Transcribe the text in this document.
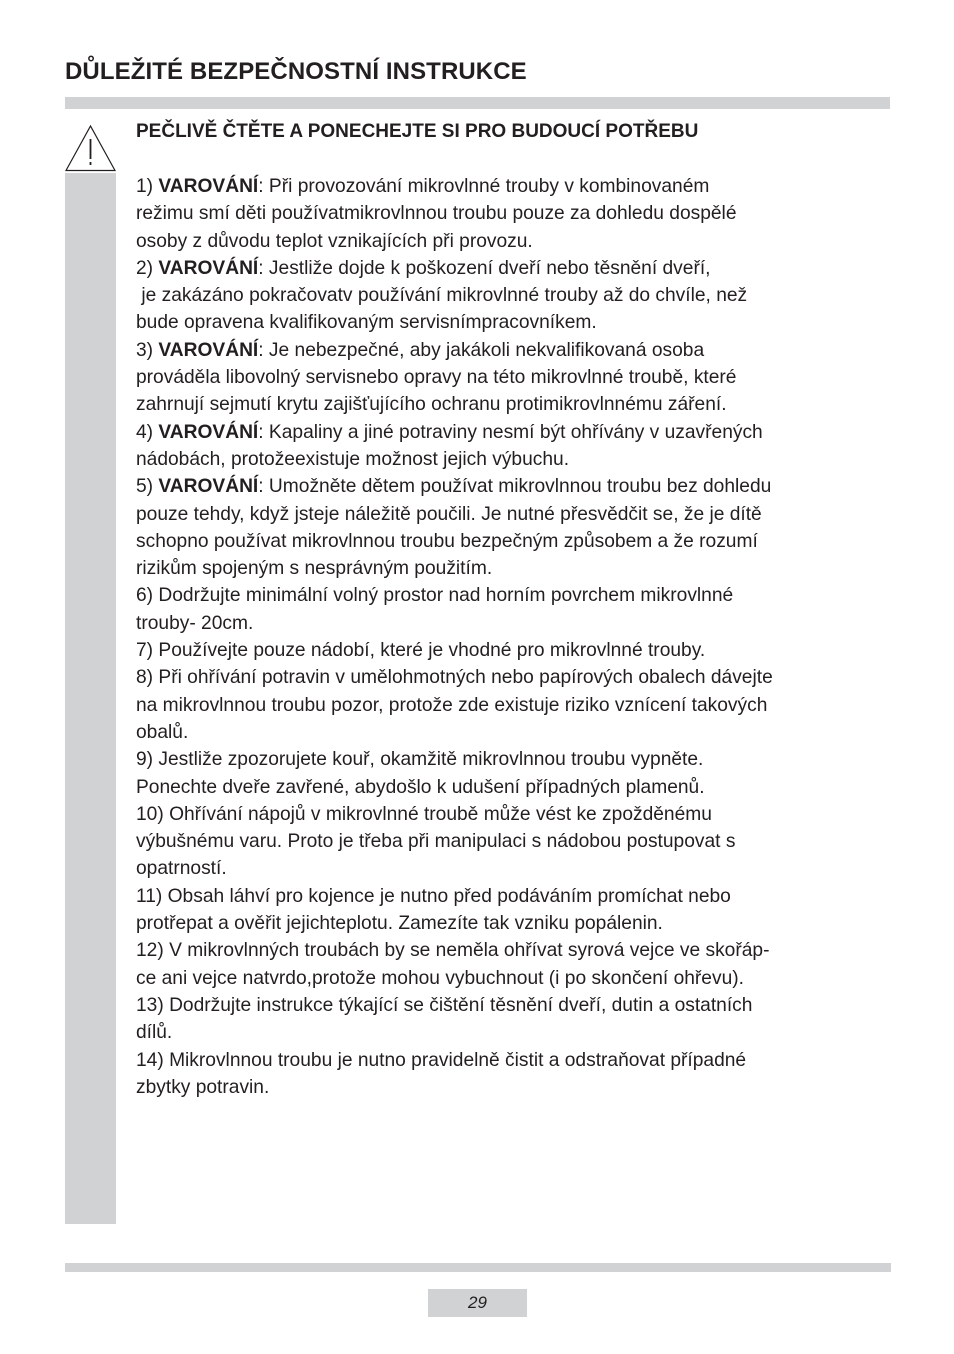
DŮLEŽITÉ BEZPEČNOSTNÍ INSTRUKCE
PEČLIVĚ ČTĚTE A PONECHEJTE SI PRO BUDOUCÍ POTŘEBU
1) VAROVÁNÍ: Při provozování mikrovlnné trouby v kombinovaném
režimu smí děti používatmikrovlnnou troubu pouze za dohledu dospělé
osoby z důvodu teplot vznikajících při provozu.
2) VAROVÁNÍ: Jestliže dojde k poškození dveří nebo těsnění dveří,
je zakázáno pokračovatv používání mikrovlnné trouby až do chvíle, než
bude opravena kvalifikovaným servisnímpracovníkem.
3) VAROVÁNÍ: Je nebezpečné, aby jakákoli nekvalifikovaná osoba
prováděla libovolný servisnebo opravy na této mikrovlnné troubě, které
zahrnují sejmutí krytu zajišťujícího ochranu protimikrovlnnému záření.
4) VAROVÁNÍ: Kapaliny a jiné potraviny nesmí být ohřívány v uzavřených
nádobách, protožeexistuje možnost jejich výbuchu.
5) VAROVÁNÍ: Umožněte dětem používat mikrovlnnou troubu bez dohledu
pouze tehdy, když jsteje náležitě poučili. Je nutné přesvědčit se, že je dítě
schopno používat mikrovlnnou troubu bezpečným způsobem a že rozumí
rizikům spojeným s nesprávným použitím.
6) Dodržujte minimální volný prostor nad horním povrchem mikrovlnné
trouby- 20cm.
7) Používejte pouze nádobí, které je vhodné pro mikrovlnné trouby.
8) Při ohřívání potravin v umělohmotných nebo papírových obalech dávejte
na mikrovlnnou troubu pozor, protože zde existuje riziko vznícení takových
obalů.
9) Jestliže zpozorujete kouř, okamžitě mikrovlnnou troubu vypněte.
Ponechte dveře zavřené, abydošlo k udušení případných plamenů.
10) Ohřívání nápojů v mikrovlnné troubě může vést ke zpožděnému
výbušnému varu. Proto je třeba při manipulaci s nádobou postupovat s
opatrností.
11) Obsah láhví pro kojence je nutno před podáváním promíchat nebo
protřepat a ověřit jejichteplotu. Zamezíte tak vzniku popálenin.
12) V mikrovlnných troubách by se neměla ohřívat syrová vejce ve skořáp-
ce ani vejce natvrdo,protože mohou vybuchnout (i po skončení ohřevu).
13) Dodržujte instrukce týkající se čištění těsnění dveří, dutin a ostatních
dílů.
14) Mikrovlnnou troubu je nutno pravidelně čistit a odstraňovat případné
zbytky potravin.
29
